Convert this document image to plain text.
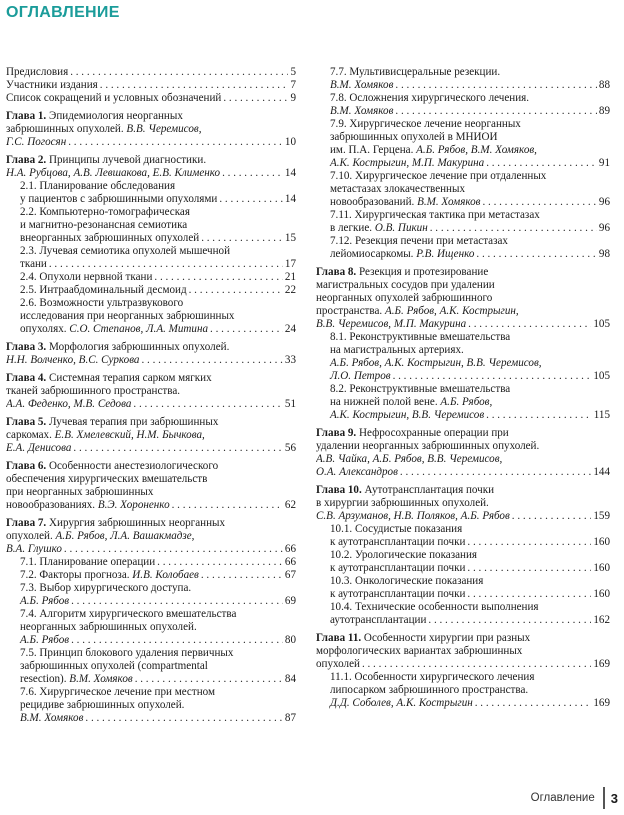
ОГЛАВЛЕНИЕ
Предисловия . . .	5
Участники издания . . .	7
Список сокращений и условных обозначений . . .	9
Глава 1. Эпидемиология неорганных
забрюшинных опухолей. В.В. Черемисов,
Г.С. Погосян . . .	10
Глава 2. Принципы лучевой диагностики.
Н.А. Рубцова, А.В. Левшакова, Е.В. Клименко . . .	14
2.1. Планирование обследования
у пациентов с забрюшинными опухолями . . .	14
2.2. Компьютерно-томографическая
и магнитно-резонансная семиотика
внеорганных забрюшинных опухолей . . .	15
2.3. Лучевая семиотика опухолей мышечной
ткани . . .	17
2.4. Опухоли нервной ткани . . .	21
2.5. Интраабдоминальный десмоид . . .	22
2.6. Возможности ультразвукового
исследования при неорганных забрюшинных
опухолях. С.О. Степанов, Л.А. Митина . . .	24
Глава 3. Морфология забрюшинных опухолей.
Н.Н. Волченко, В.С. Суркова . . .	33
Глава 4. Системная терапия сарком мягких
тканей забрюшинного пространства.
А.А. Феденко, М.В. Седова . . .	51
Глава 5. Лучевая терапия при забрюшинных
саркомах. Е.В. Хмелевский, Н.М. Бычкова,
Е.А. Денисова . . .	56
Глава 6. Особенности анестезиологического
обеспечения хирургических вмешательств
при неорганных забрюшинных
новообразованиях. В.Э. Хороненко . . .	62
Глава 7. Хирургия забрюшинных неорганных
опухолей. А.Б. Рябов, Л.А. Вашакмадзе,
В.А. Глушко . . .	66
7.1. Планирование операции . . .	66
7.2. Факторы прогноза. И.В. Колобаев . . .	67
7.3. Выбор хирургического доступа.
А.Б. Рябов . . .	69
7.4. Алгоритм хирургического вмешательства
неорганных забрюшинных опухолей.
А.Б. Рябов . . .	80
7.5. Принцип блокового удаления первичных
забрюшинных опухолей (compartmental
resection). В.М. Хомяков . . .	84
7.6. Хирургическое лечение при местном
рецидиве забрюшинных опухолей.
В.М. Хомяков . . .	87
7.7. Мультивисцеральные резекции.
В.М. Хомяков . . .	88
7.8. Осложнения хирургического лечения.
В.М. Хомяков . . .	89
7.9. Хирургическое лечение неорганных
забрюшинных опухолей в МНИОИ
им. П.А. Герцена. А.Б. Рябов, В.М. Хомяков,
А.К. Кострыгин, М.П. Макурина . . .	91
7.10. Хирургическое лечение при отдаленных
метастазах злокачественных
новообразований. В.М. Хомяков . . .	96
7.11. Хирургическая тактика при метастазах
в легкие. О.В. Пикин . . .	96
7.12. Резекция печени при метастазах
лейомиосаркомы. Р.В. Ищенко . . .	98
Глава 8. Резекция и протезирование
магистральных сосудов при удалении
неорганных опухолей забрюшинного
пространства. А.Б. Рябов, А.К. Кострыгин,
В.В. Черемисов, М.П. Макурина . . .	105
8.1. Реконструктивные вмешательства
на магистральных артериях.
А.Б. Рябов, А.К. Кострыгин, В.В. Черемисов,
Л.О. Петров . . .	105
8.2. Реконструктивные вмешательства
на нижней полой вене. А.Б. Рябов,
А.К. Кострыгин, В.В. Черемисов . . .	115
Глава 9. Нефросохранные операции при
удалении неорганных забрюшинных опухолей.
А.В. Чайка, А.Б. Рябов, В.В. Черемисов,
О.А. Александров . . .	144
Глава 10. Аутотрансплантация почки
в хирургии забрюшинных опухолей.
С.В. Арзуманов, Н.В. Поляков, А.Б. Рябов . . .	159
10.1. Сосудистые показания
к аутотрансплантации почки . . .	160
10.2. Урологические показания
к аутотрансплантации почки . . .	160
10.3. Онкологические показания
к аутотрансплантации почки . . .	160
10.4. Технические особенности выполнения
аутотрансплантации . . .	162
Глава 11. Особенности хирургии при разных
морфологических вариантах забрюшинных
опухолей . . .	169
11.1. Особенности хирургического лечения
липосарком забрюшинного пространства.
Д.Д. Соболев, А.К. Кострыгин . . .	169
Оглавление	3
